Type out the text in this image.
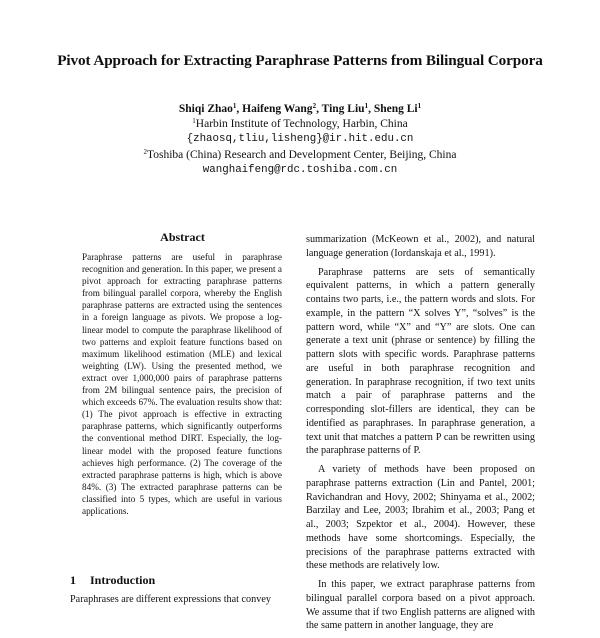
Pivot Approach for Extracting Paraphrase Patterns from Bilingual Corpora
Shiqi Zhao$^1$, Haifeng Wang$^2$, Ting Liu$^1$, Sheng Li$^1$
$^1$Harbin Institute of Technology, Harbin, China
{zhaosq,tliu,lisheng}@ir.hit.edu.cn
$^2$Toshiba (China) Research and Development Center, Beijing, China
wanghaifeng@rdc.toshiba.com.cn
Abstract
Paraphrase patterns are useful in paraphrase recognition and generation. In this paper, we present a pivot approach for extracting paraphrase patterns from bilingual parallel corpora, whereby the English paraphrase patterns are extracted using the sentences in a foreign language as pivots. We propose a log-linear model to compute the paraphrase likelihood of two patterns and exploit feature functions based on maximum likelihood estimation (MLE) and lexical weighting (LW). Using the presented method, we extract over 1,000,000 pairs of paraphrase patterns from 2M bilingual sentence pairs, the precision of which exceeds 67%. The evaluation results show that: (1) The pivot approach is effective in extracting paraphrase patterns, which significantly outperforms the conventional method DIRT. Especially, the log-linear model with the proposed feature functions achieves high performance. (2) The coverage of the extracted paraphrase patterns is high, which is above 84%. (3) The extracted paraphrase patterns can be classified into 5 types, which are useful in various applications.
1 Introduction
Paraphrases are different expressions that convey

summarization (McKeown et al., 2002), and natural language generation (Iordanskaja et al., 1991).

Paraphrase patterns are sets of semantically equivalent patterns, in which a pattern generally contains two parts, i.e., the pattern words and slots. For example, in the pattern “X solves Y”, “solves” is the pattern word, while “X” and “Y” are slots. One can generate a text unit (phrase or sentence) by filling the pattern slots with specific words. Paraphrase patterns are useful in both paraphrase recognition and generation. In paraphrase recognition, if two text units match a pair of paraphrase patterns and the corresponding slot-fillers are identical, they can be identified as paraphrases. In paraphrase generation, a text unit that matches a pattern P can be rewritten using the paraphrase patterns of P.

A variety of methods have been proposed on paraphrase patterns extraction (Lin and Pantel, 2001; Ravichandran and Hovy, 2002; Shinyama et al., 2002; Barzilay and Lee, 2003; Ibrahim et al., 2003; Pang et al., 2003; Szpektor et al., 2004). However, these methods have some shortcomings. Especially, the precisions of the paraphrase patterns extracted with these methods are relatively low.

In this paper, we extract paraphrase patterns from bilingual parallel corpora based on a pivot approach. We assume that if two English patterns are aligned with the same pattern in another language, they are
